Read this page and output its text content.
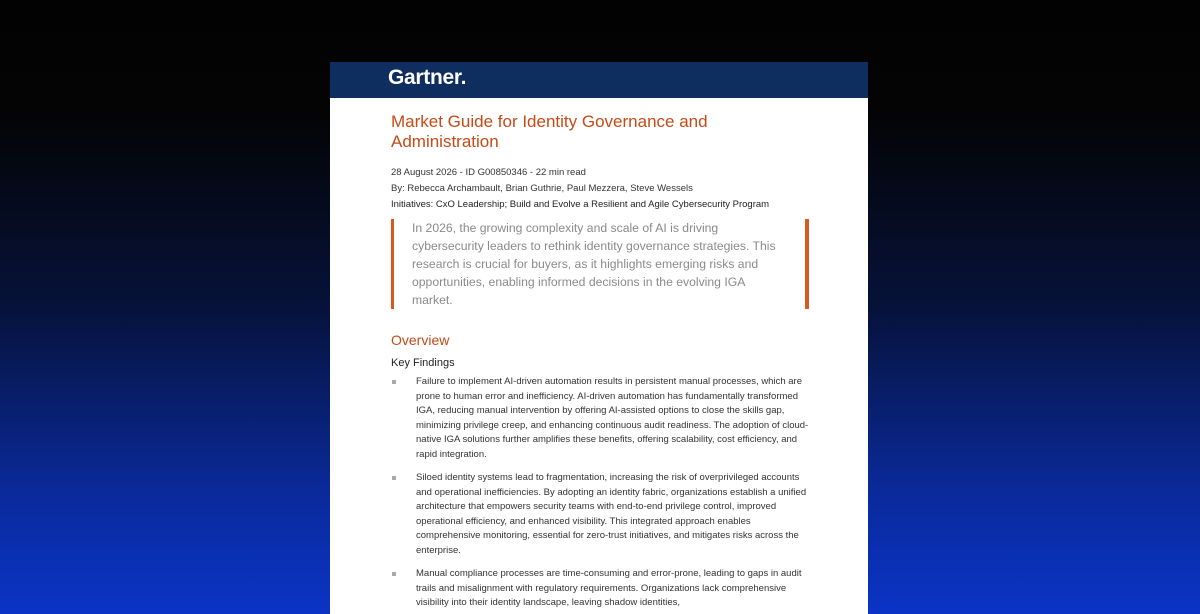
Gartner.
Market Guide for Identity Governance and Administration
28 August 2026 - ID G00850346 - 22 min read
By: Rebecca Archambault, Brian Guthrie, Paul Mezzera, Steve Wessels
Initiatives: CxO Leadership; Build and Evolve a Resilient and Agile Cybersecurity Program
In 2026, the growing complexity and scale of AI is driving cybersecurity leaders to rethink identity governance strategies. This research is crucial for buyers, as it highlights emerging risks and opportunities, enabling informed decisions in the evolving IGA market.
Overview
Key Findings
Failure to implement AI-driven automation results in persistent manual processes, which are prone to human error and inefficiency. AI-driven automation has fundamentally transformed IGA, reducing manual intervention by offering AI-assisted options to close the skills gap, minimizing privilege creep, and enhancing continuous audit readiness. The adoption of cloud-native IGA solutions further amplifies these benefits, offering scalability, cost efficiency, and rapid integration.
Siloed identity systems lead to fragmentation, increasing the risk of overprivileged accounts and operational inefficiencies. By adopting an identity fabric, organizations establish a unified architecture that empowers security teams with end-to-end privilege control, improved operational efficiency, and enhanced visibility. This integrated approach enables comprehensive monitoring, essential for zero-trust initiatives, and mitigates risks across the enterprise.
Manual compliance processes are time-consuming and error-prone, leading to gaps in audit trails and misalignment with regulatory requirements. Organizations lack comprehensive visibility into their identity landscape, leaving shadow identities,
